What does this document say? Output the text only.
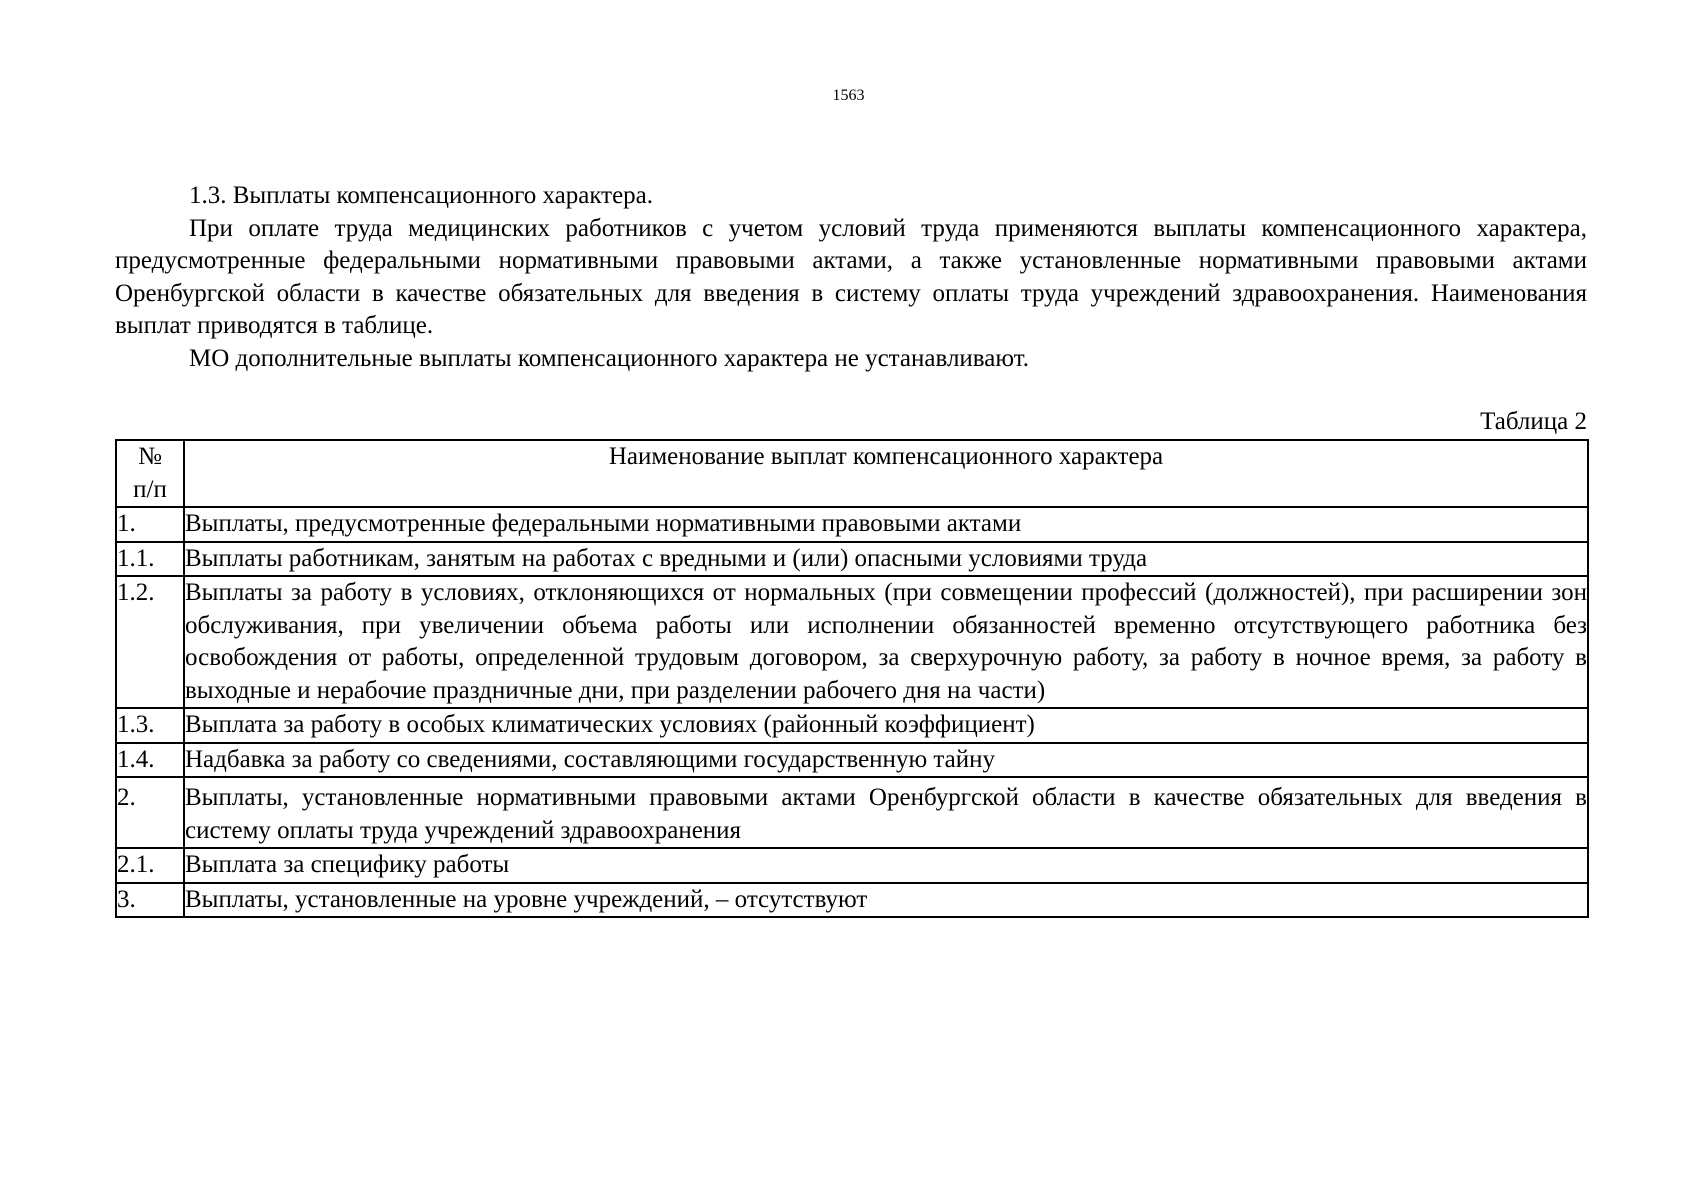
1563

1.3. Выплаты компенсационного характера.

При оплате труда медицинских работников с учетом условий труда применяются выплаты компенсационного характера, предусмотренные федеральными нормативными правовыми актами, а также установленные нормативными правовыми актами Оренбургской области в качестве обязательных для введения в систему оплаты труда учреждений здравоохранения. Наименования выплат приводятся в таблице.

МО дополнительные выплаты компенсационного характера не устанавливают.

Таблица 2
№
п/п	Наименование выплат компенсационного характера
1.	Выплаты, предусмотренные федеральными нормативными правовыми актами
1.1.	Выплаты работникам, занятым на работах с вредными и (или) опасными условиями труда
1.2.	Выплаты за работу в условиях, отклоняющихся от нормальных (при совмещении профессий (должностей), при расширении зон обслуживания, при увеличении объема работы или исполнении обязанностей временно отсутствующего работника без освобождения от работы, определенной трудовым договором, за сверхурочную работу, за работу в ночное время, за работу в выходные и нерабочие праздничные дни, при разделении рабочего дня на части)
1.3.	Выплата за работу в особых климатических условиях (районный коэффициент)
1.4.	Надбавка за работу со сведениями, составляющими государственную тайну
2.	Выплаты, установленные нормативными правовыми актами Оренбургской области в качестве обязательных для введения в систему оплаты труда учреждений здравоохранения
2.1.	Выплата за специфику работы
3.	Выплаты, установленные на уровне учреждений, – отсутствуют
